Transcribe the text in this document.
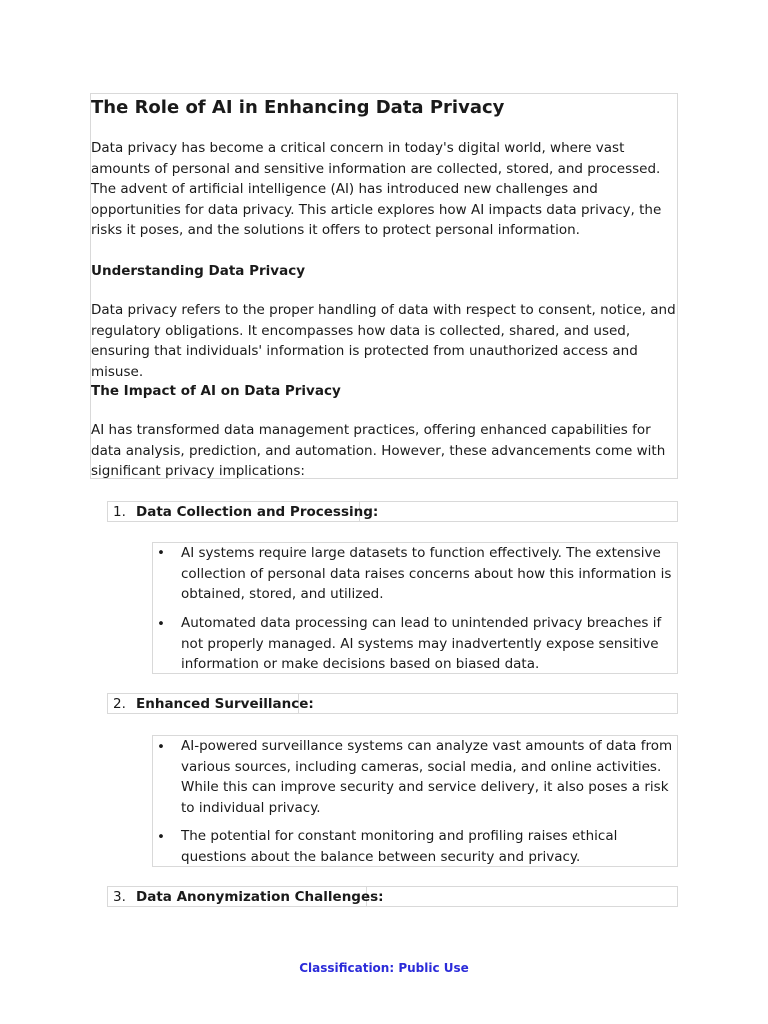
The Role of AI in Enhancing Data Privacy

Data privacy has become a critical concern in today's digital world, where vast amounts of personal and sensitive information are collected, stored, and processed. The advent of artificial intelligence (AI) has introduced new challenges and opportunities for data privacy. This article explores how AI impacts data privacy, the risks it poses, and the solutions it offers to protect personal information.

Understanding Data Privacy

Data privacy refers to the proper handling of data with respect to consent, notice, and regulatory obligations. It encompasses how data is collected, shared, and used, ensuring that individuals' information is protected from unauthorized access and misuse.

The Impact of AI on Data Privacy

AI has transformed data management practices, offering enhanced capabilities for data analysis, prediction, and automation. However, these advancements come with significant privacy implications:

1. Data Collection and Processing:
• AI systems require large datasets to function effectively. The extensive collection of personal data raises concerns about how this information is obtained, stored, and utilized.

• Automated data processing can lead to unintended privacy breaches if not properly managed. AI systems may inadvertently expose sensitive information or make decisions based on biased data.

2. Enhanced Surveillance:
• AI-powered surveillance systems can analyze vast amounts of data from various sources, including cameras, social media, and online activities. While this can improve security and service delivery, it also poses a risk to individual privacy.

• The potential for constant monitoring and profiling raises ethical questions about the balance between security and privacy.

3. Data Anonymization Challenges:
Classification: Public Use
